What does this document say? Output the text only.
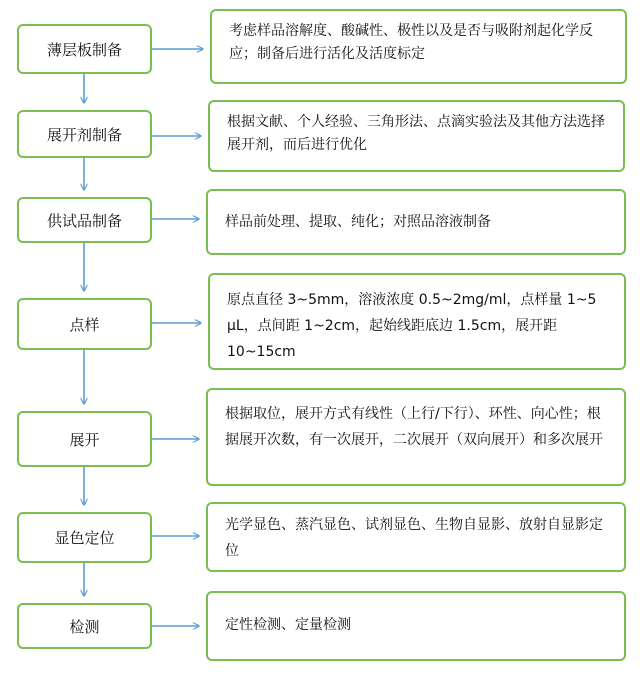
薄层板制备
考虑样品溶解度、酸碱性、极性以及是否与吸附剂起化学反应；制备后进行活化及活度标定
展开剂制备
根据文献、个人经验、三角形法、点滴实验法及其他方法选择展开剂，而后进行优化
供试品制备	样品前处理、提取、纯化；对照品溶液制备
点样
原点直径 3~5mm，溶液浓度 0.5~2mg/ml，点样量 1~5 μL，点间距 1~2cm，起始线距底边 1.5cm，展开距 10~15cm
展开
根据取位，展开方式有线性（上行/下行）、环性、向心性；根据展开次数，有一次展开，二次展开（双向展开）和多次展开
显色定位
光学显色、蒸汽显色、试剂显色、生物自显影、放射自显影定位
检测	定性检测、定量检测
